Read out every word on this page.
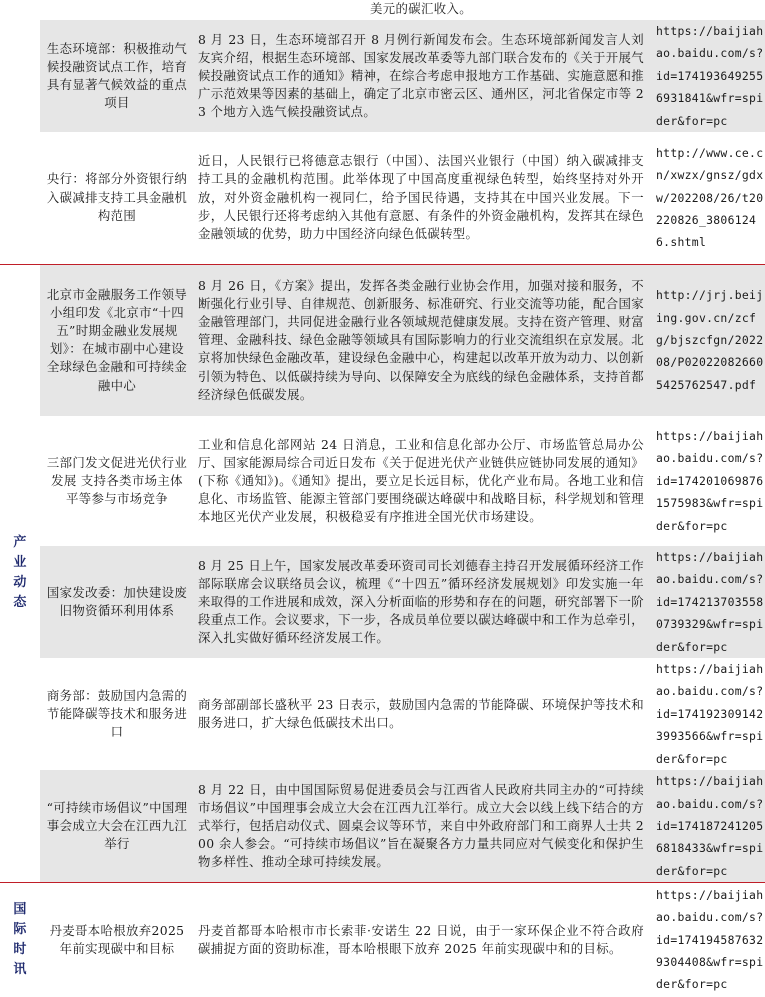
		美元的碳汇收入。	
	生态环境部：积极推动气候投融资试点工作，培育具有显著气候效益的重点项目	8 月 23 日，生态环境部召开 8 月例行新闻发布会。生态环境部新闻发言人刘友宾介绍，根据生态环境部、国家发展改革委等九部门联合发布的《关于开展气候投融资试点工作的通知》精神，在综合考虑申报地方工作基础、实施意愿和推广示范效果等因素的基础上，确定了北京市密云区、通州区，河北省保定市等 23 个地方入选气候投融资试点。	https://baijiahao.baidu.com/s?id=1741936492556931841&wfr=spider&for=pc
	央行：将部分外资银行纳入碳减排支持工具金融机构范围	近日，人民银行已将德意志银行（中国）、法国兴业银行（中国）纳入碳减排支持工具的金融机构范围。此举体现了中国高度重视绿色转型，始终坚持对外开放，对外资金融机构一视同仁，给予国民待遇，支持其在中国兴业发展。下一步，人民银行还将考虑纳入其他有意愿、有条件的外资金融机构，发挥其在绿色金融领域的优势，助力中国经济向绿色低碳转型。	http://www.ce.cn/xwzx/gnsz/gdxw/202208/26/t20220826_38061246.shtml
产业动态	北京市金融服务工作领导小组印发《北京市“十四五”时期金融业发展规划》：在城市副中心建设全球绿色金融和可持续金融中心	8 月 26 日，《方案》提出，发挥各类金融行业协会作用，加强对接和服务，不断强化行业引导、自律规范、创新服务、标准研究、行业交流等功能，配合国家金融管理部门，共同促进金融行业各领域规范健康发展。支持在资产管理、财富管理、金融科技、绿色金融等领域具有国际影响力的行业交流组织在京发展。北京将加快绿色金融改革，建设绿色金融中心，构建起以改革开放为动力、以创新引领为特色、以低碳持续为导向、以保障安全为底线的绿色金融体系，支持首都经济绿色低碳发展。	http://jrj.beijing.gov.cn/zcfg/bjszcfgn/202208/P020220826605425762547.pdf
	三部门发文促进光伏行业发展 支持各类市场主体平等参与市场竞争	工业和信息化部网站 24 日消息，工业和信息化部办公厅、市场监管总局办公厅、国家能源局综合司近日发布《关于促进光伏产业链供应链协同发展的通知》(下称《通知》)。《通知》提出，要立足长远目标，优化产业布局。各地工业和信息化、市场监管、能源主管部门要围绕碳达峰碳中和战略目标，科学规划和管理本地区光伏产业发展，积极稳妥有序推进全国光伏市场建设。	https://baijiahao.baidu.com/s?id=1742010698761575983&wfr=spider&for=pc
	国家发改委：加快建设废旧物资循环利用体系	8 月 25 日上午，国家发展改革委环资司司长刘德春主持召开发展循环经济工作部际联席会议联络员会议，梳理《“十四五”循环经济发展规划》印发实施一年来取得的工作进展和成效，深入分析面临的形势和存在的问题，研究部署下一阶段重点工作。会议要求，下一步，各成员单位要以碳达峰碳中和工作为总牵引，深入扎实做好循环经济发展工作。	https://baijiahao.baidu.com/s?id=1742137035580739329&wfr=spider&for=pc
	商务部：鼓励国内急需的节能降碳等技术和服务进口	商务部副部长盛秋平 23 日表示，鼓励国内急需的节能降碳、环境保护等技术和服务进口，扩大绿色低碳技术出口。	https://baijiahao.baidu.com/s?id=1741923091423993566&wfr=spider&for=pc
	“可持续市场倡议”中国理事会成立大会在江西九江举行	8 月 22 日，由中国国际贸易促进委员会与江西省人民政府共同主办的“可持续市场倡议”中国理事会成立大会在江西九江举行。成立大会以线上线下结合的方式举行，包括启动仪式、圆桌会议等环节，来自中外政府部门和工商界人士共 200 余人参会。“可持续市场倡议”旨在凝聚各方力量共同应对气候变化和保护生物多样性、推动全球可持续发展。	https://baijiahao.baidu.com/s?id=1741872412056818433&wfr=spider&for=pc
国际时讯	丹麦哥本哈根放弃2025年前实现碳中和目标	丹麦首都哥本哈根市市长索菲·安诺生 22 日说，由于一家环保企业不符合政府碳捕捉方面的资助标准，哥本哈根眼下放弃 2025 年前实现碳中和的目标。	https://baijiahao.baidu.com/s?id=1741945876329304408&wfr=spider&for=pc
